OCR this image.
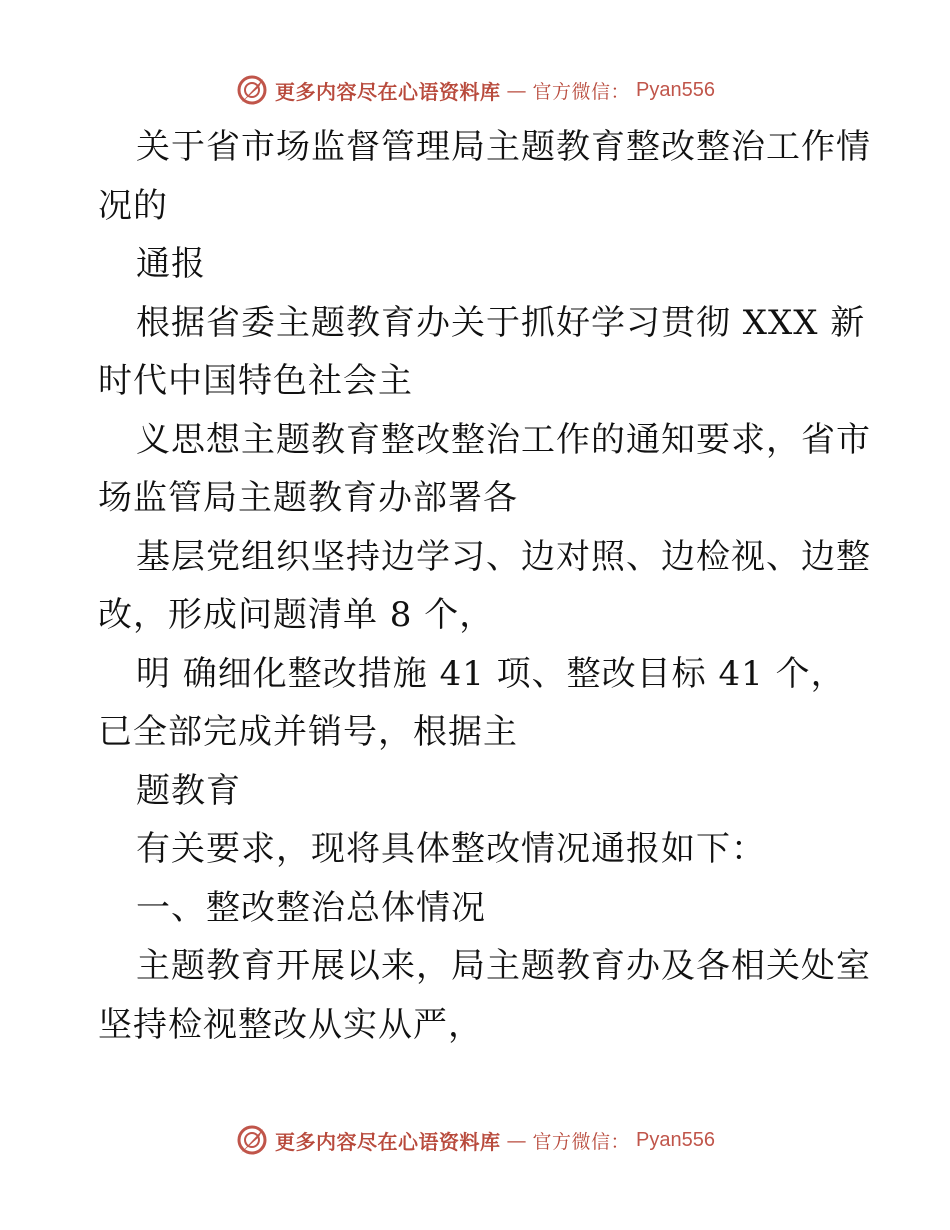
更多内容尽在心语资料库 — 官方微信： Pyan556
关于省市场监督管理局主题教育整改整治工作情
况的
通报
根据省委主题教育办关于抓好学习贯彻 XXX 新
时代中国特色社会主
义思想主题教育整改整治工作的通知要求，省市
场监管局主题教育办部署各
基层党组织坚持边学习、边对照、边检视、边整
改，形成问题清单 8 个，
明 确细化整改措施 41 项、整改目标 41 个，
已全部完成并销号，根据主
题教育
有关要求，现将具体整改情况通报如下：
一、整改整治总体情况
主题教育开展以来，局主题教育办及各相关处室
坚持检视整改从实从严，
更多内容尽在心语资料库 — 官方微信： Pyan556
